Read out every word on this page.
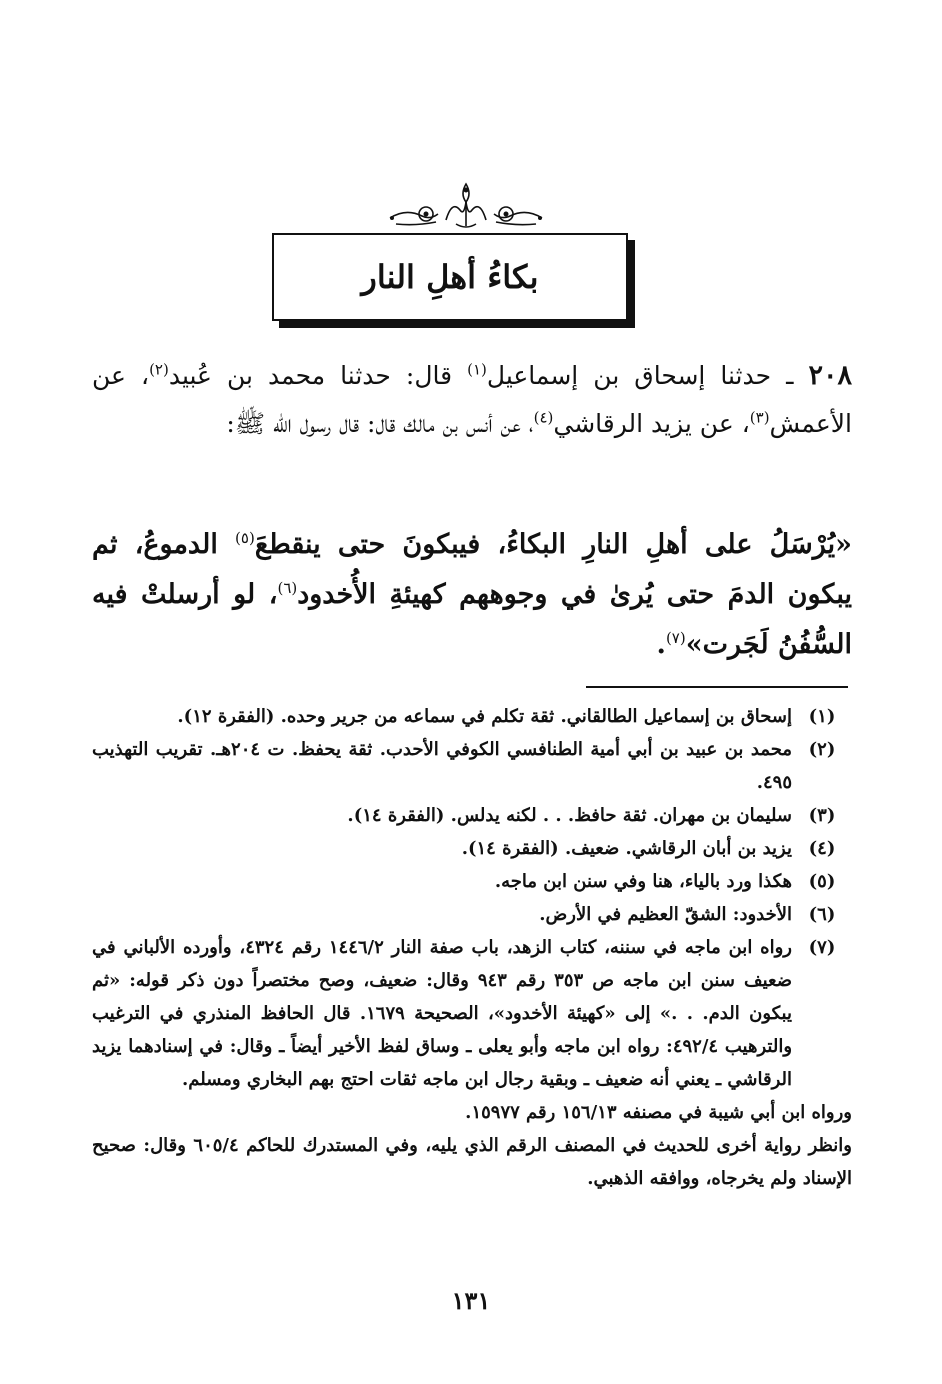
بكاءُ أهلِ النار

٢٠٨ ـ حدثنا إسحاق بن إسماعيل$^{(١)}$ قال: حدثنا محمد بن عُبيد$^{(٢)}$، عن الأعمش$^{(٣)}$، عن يزيد الرقاشي$^{(٤)}$، عن أنس بن مالك قال: قال رسول الله ﷺ:

«يُرْسَلُ على أهلِ النارِ البكاءُ، فيبكونَ حتى ينقطعَ$^{(٥)}$ الدموعُ، ثم يبكون الدمَ حتى يُرىٰ في وجوههم كهيئةِ الأُخدود$^{(٦)}$، لو أرسلتْ فيه السُّفُنُ لَجَرت»$^{(٧)}$.

(١)
إسحاق بن إسماعيل الطالقاني. ثقة تكلم في سماعه من جرير وحده. (الفقرة ١٢).
(٢)
محمد بن عبيد بن أبي أمية الطنافسي الكوفي الأحدب. ثقة يحفظ. ت ٢٠٤هـ. تقريب التهذيب ٤٩٥.
(٣)
سليمان بن مهران. ثقة حافظ. . . لكنه يدلس. (الفقرة ١٤).
(٤)
يزيد بن أبان الرقاشي. ضعيف. (الفقرة ١٤).
(٥)
هكذا ورد بالياء، هنا وفي سنن ابن ماجه.
(٦)
الأخدود: الشقّ العظيم في الأرض.
(٧)
رواه ابن ماجه في سننه، كتاب الزهد، باب صفة النار ١٤٤٦/٢ رقم ٤٣٢٤، وأورده الألباني في ضعيف سنن ابن ماجه ص ٣٥٣ رقم ٩٤٣ وقال: ضعيف، وصح مختصراً دون ذكر قوله: «ثم يبكون الدم. . .» إلى «كهيئة الأخدود»، الصحيحة ١٦٧٩. قال الحافظ المنذري في الترغيب والترهيب ٤٩٢/٤: رواه ابن ماجه وأبو يعلى ـ وساق لفظ الأخير أيضاً ـ وقال: في إسنادهما يزيد الرقاشي ـ يعني أنه ضعيف ـ وبقية رجال ابن ماجه ثقات احتج بهم البخاري ومسلم.
ورواه ابن أبي شيبة في مصنفه ١٥٦/١٣ رقم ١٥٩٧٧.
وانظر رواية أخرى للحديث في المصنف الرقم الذي يليه، وفي المستدرك للحاكم ٦٠٥/٤ وقال: صحيح الإسناد ولم يخرجاه، ووافقه الذهبي.
١٣١
